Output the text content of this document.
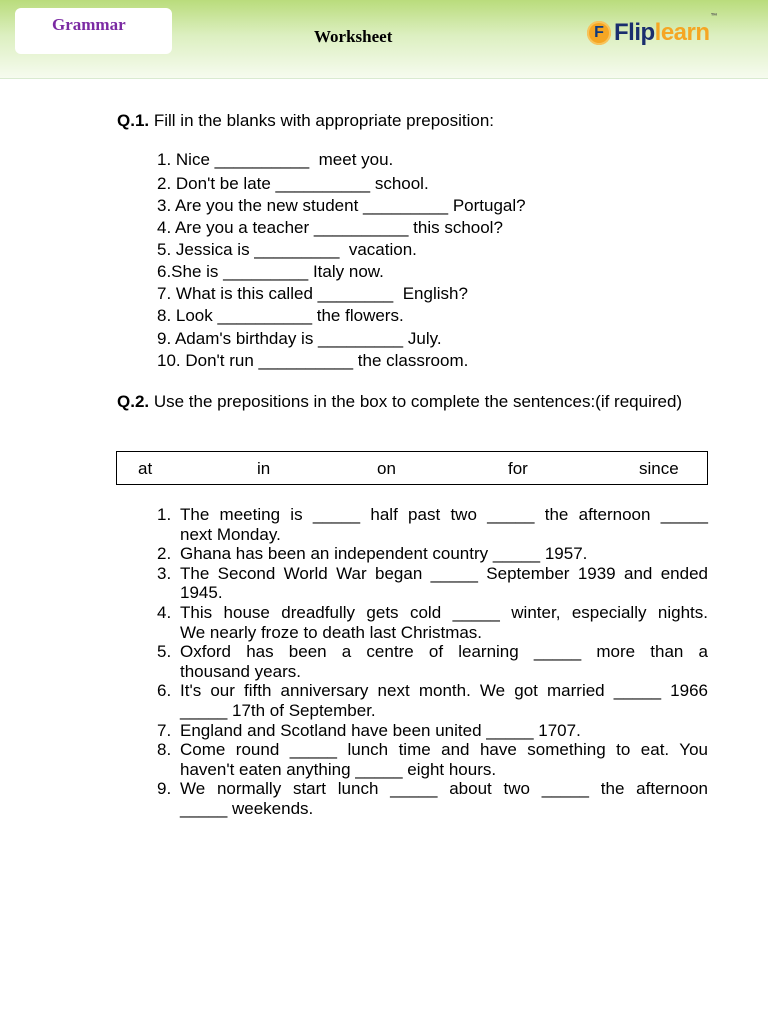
Grammar
Worksheet	F Fliplearn™
Q.1. Fill in the blanks with appropriate preposition:
1. Nice __________  meet you.
2. Don't be late __________ school.
3. Are you the new student _________ Portugal?
4. Are you a teacher __________ this school?
5. Jessica is _________  vacation.
6.She is _________ Italy now.
7. What is this called ________  English?
8. Look __________ the flowers.
9. Adam's birthday is _________ July.
10. Don't run __________ the classroom.
Q.2. Use the prepositions in the box to complete the sentences:(if required)
at	in	on	for	since
1. The meeting is _____ half past two _____ the afternoon _____
next Monday.
2. Ghana has been an independent country _____ 1957.
3. The Second World War began _____ September 1939 and ended
1945.
4. This house dreadfully gets cold _____ winter, especially nights.
We nearly froze to death last Christmas.
5. Oxford has been a centre of learning _____ more than a
thousand years.
6. It's our fifth anniversary next month. We got married _____ 1966
_____ 17th of September.
7. England and Scotland have been united _____ 1707.
8. Come round _____ lunch time and have something to eat. You
haven't eaten anything _____ eight hours.
9. We normally start lunch _____ about two _____ the afternoon
_____ weekends.
